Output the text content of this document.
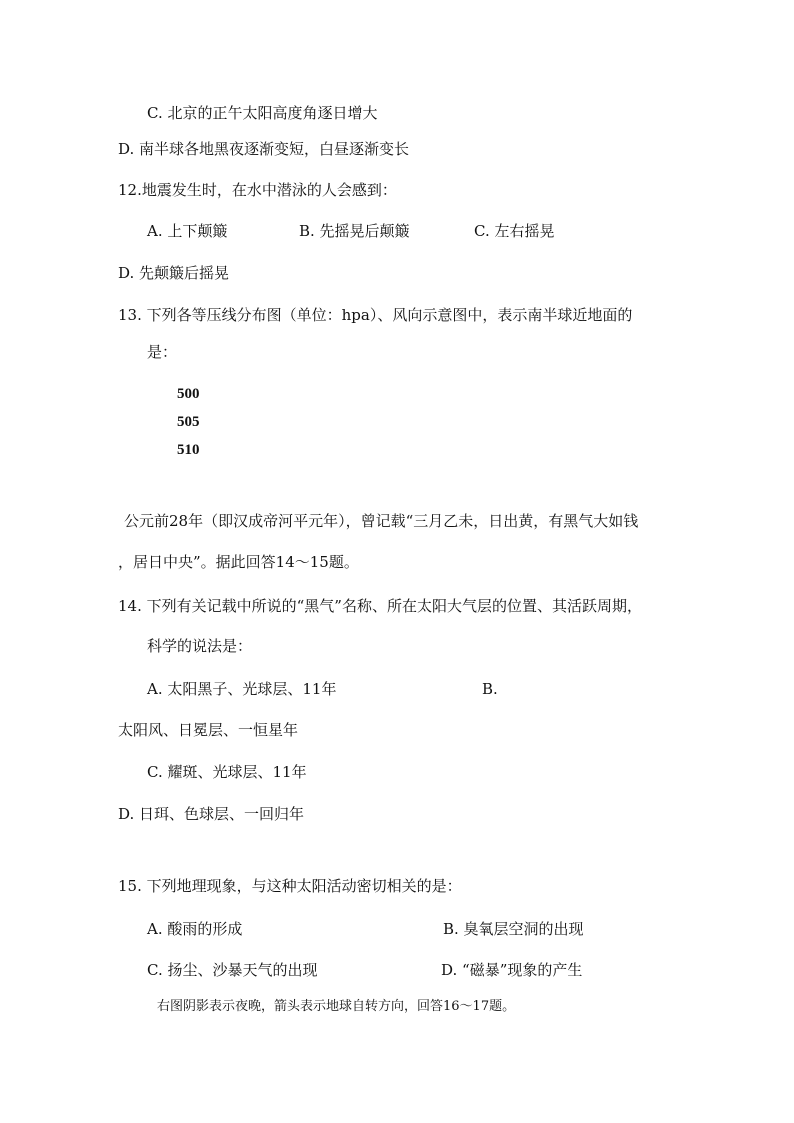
C. 北京的正午太阳高度角逐日增大
D. 南半球各地黑夜逐渐变短，白昼逐渐变长
12.地震发生时，在水中潜泳的人会感到：
A. 上下颠簸	B. 先摇晃后颠簸	C. 左右摇晃
D. 先颠簸后摇晃
13. 下列各等压线分布图（单位：hpa）、风向示意图中，表示南半球近地面的
是：
500
505
510
公元前28年（即汉成帝河平元年），曾记载“三月乙未，日出黄，有黑气大如钱
，居日中央”。据此回答14～15题。
14. 下列有关记载中所说的“黑气”名称、所在太阳大气层的位置、其活跃周期，
科学的说法是：
A. 太阳黑子、光球层、11年	B.
太阳风、日冕层、一恒星年
C. 耀斑、光球层、11年
D. 日珥、色球层、一回归年
15. 下列地理现象，与这种太阳活动密切相关的是：
A. 酸雨的形成	B. 臭氧层空洞的出现
C. 扬尘、沙暴天气的出现	D. “磁暴”现象的产生
右图阴影表示夜晚，箭头表示地球自转方向，回答16～17题。
